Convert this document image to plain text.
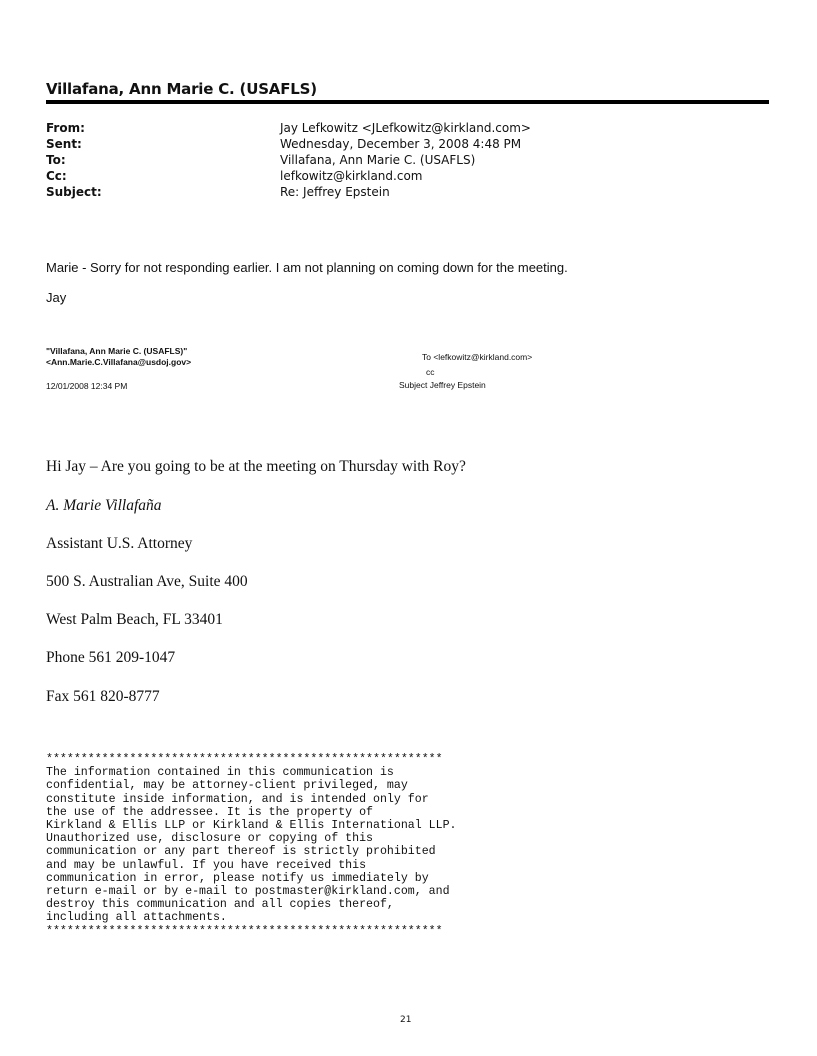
Villafana, Ann Marie C. (USAFLS)
From:	Jay Lefkowitz <JLefkowitz@kirkland.com>
Sent:	Wednesday, December 3, 2008 4:48 PM
To:	Villafana, Ann Marie C. (USAFLS)
Cc:	lefkowitz@kirkland.com
Subject:	Re: Jeffrey Epstein
Marie - Sorry for not responding earlier. I am not planning on coming down for the meeting.
Jay
"Villafana, Ann Marie C. (USAFLS)"
<Ann.Marie.C.Villafana@usdoj.gov>
12/01/2008 12:34 PM
To <lefkowitz@kirkland.com>
cc
Subject Jeffrey Epstein
Hi Jay – Are you going to be at the meeting on Thursday with Roy?
A. Marie Villafaña
Assistant U.S. Attorney
500 S. Australian Ave, Suite 400
West Palm Beach, FL 33401
Phone 561 209-1047
Fax 561 820-8777
*********************************************************
The information contained in this communication is
confidential, may be attorney-client privileged, may
constitute inside information, and is intended only for
the use of the addressee. It is the property of
Kirkland & Ellis LLP or Kirkland & Ellis International LLP.
Unauthorized use, disclosure or copying of this
communication or any part thereof is strictly prohibited
and may be unlawful. If you have received this
communication in error, please notify us immediately by
return e-mail or by e-mail to postmaster@kirkland.com, and
destroy this communication and all copies thereof,
including all attachments.
*********************************************************
21
